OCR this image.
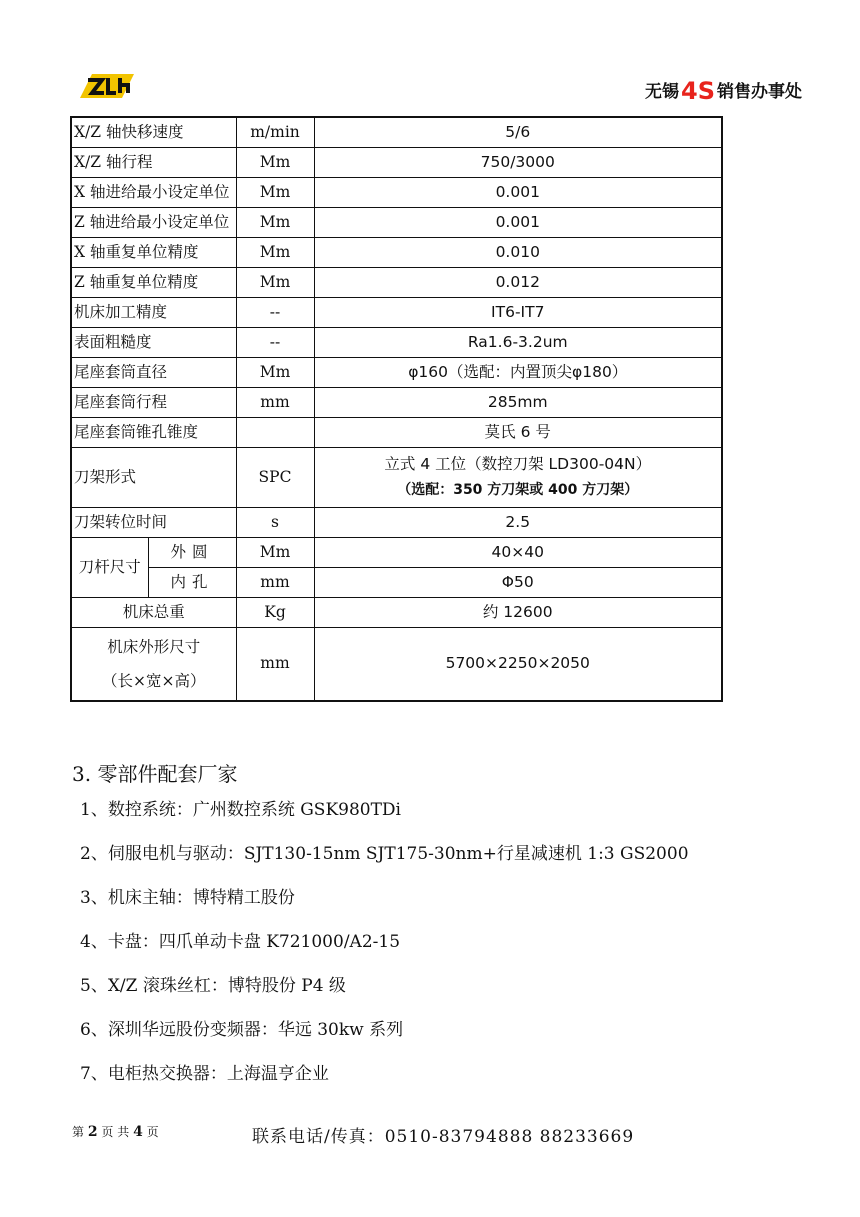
无锡4S 销售办事处
X/Z 轴快移速度		m/min	5/6
X/Z 轴行程		Mm	750/3000
X 轴进给最小设定单位		Mm	0.001
Z 轴进给最小设定单位		Mm	0.001
X 轴重复单位精度		Mm	0.010
Z 轴重复单位精度		Mm	0.012
机床加工精度		--	IT6-IT7
表面粗糙度		--	Ra1.6-3.2um
尾座套筒直径		Mm	φ160（选配：内置顶尖φ180）
尾座套筒行程		mm	285mm
尾座套筒锥孔锥度			莫氏 6 号
刀架形式		SPC	立式 4 工位（数控刀架 LD300-04N）
（选配：350 方刀架或 400 方刀架）

刀架转位时间		s	2.5
刀杆尺寸	外圆	Mm	40×40
	内孔	mm	Φ50
机床总重		Kg	约 12600

机床外形尺寸
（长×宽×高）		mm	5700×2250×2050
3. 零部件配套厂家
1、数控系统：广州数控系统 GSK980TDi
2、伺服电机与驱动：SJT130-15nm SJT175-30nm+行星减速机 1:3 GS2000
3、机床主轴：博特精工股份
4、卡盘：四爪单动卡盘 K721000/A2-15
5、X/Z 滚珠丝杠：博特股份 P4 级
6、深圳华远股份变频器：华远 30kw 系列
7、电柜热交换器：上海温亨企业
第 2 页 共 4 页	联系电话/传真：0510-83794888 88233669
